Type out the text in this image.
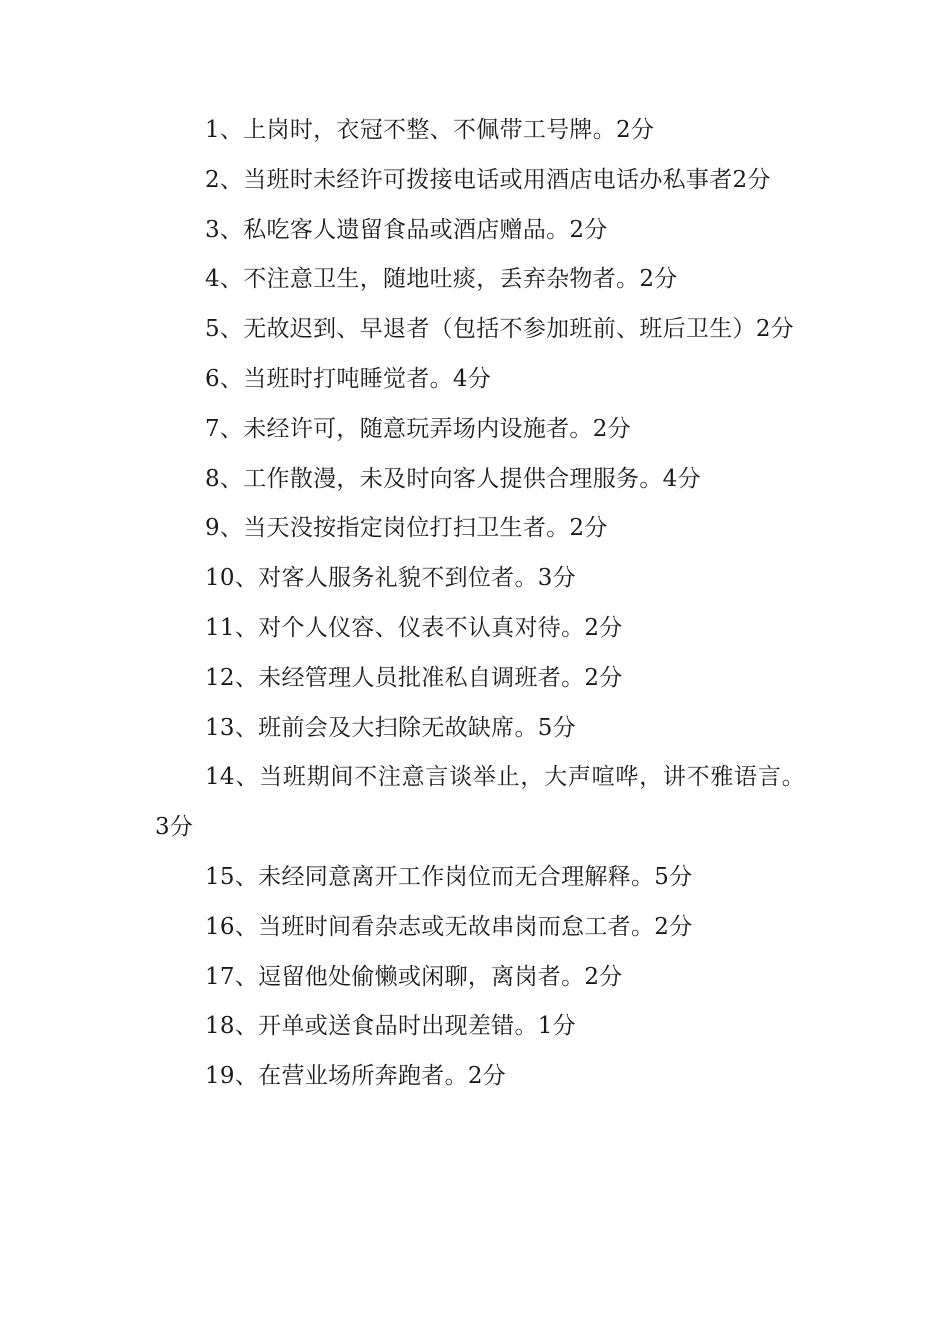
1、上岗时，衣冠不整、不佩带工号牌。2分

2、当班时未经许可拨接电话或用酒店电话办私事者2分

3、私吃客人遗留食品或酒店赠品。2分

4、不注意卫生，随地吐痰，丢弃杂物者。2分

5、无故迟到、早退者（包括不参加班前、班后卫生）2分

6、当班时打吨睡觉者。4分

7、未经许可，随意玩弄场内设施者。2分

8、工作散漫，未及时向客人提供合理服务。4分

9、当天没按指定岗位打扫卫生者。2分

10、对客人服务礼貌不到位者。3分

11、对个人仪容、仪表不认真对待。2分

12、未经管理人员批准私自调班者。2分

13、班前会及大扫除无故缺席。5分

14、当班期间不注意言谈举止，大声喧哗，讲不雅语言。3分

15、未经同意离开工作岗位而无合理解释。5分

16、当班时间看杂志或无故串岗而怠工者。2分

17、逗留他处偷懒或闲聊，离岗者。2分

18、开单或送食品时出现差错。1分

19、在营业场所奔跑者。2分
